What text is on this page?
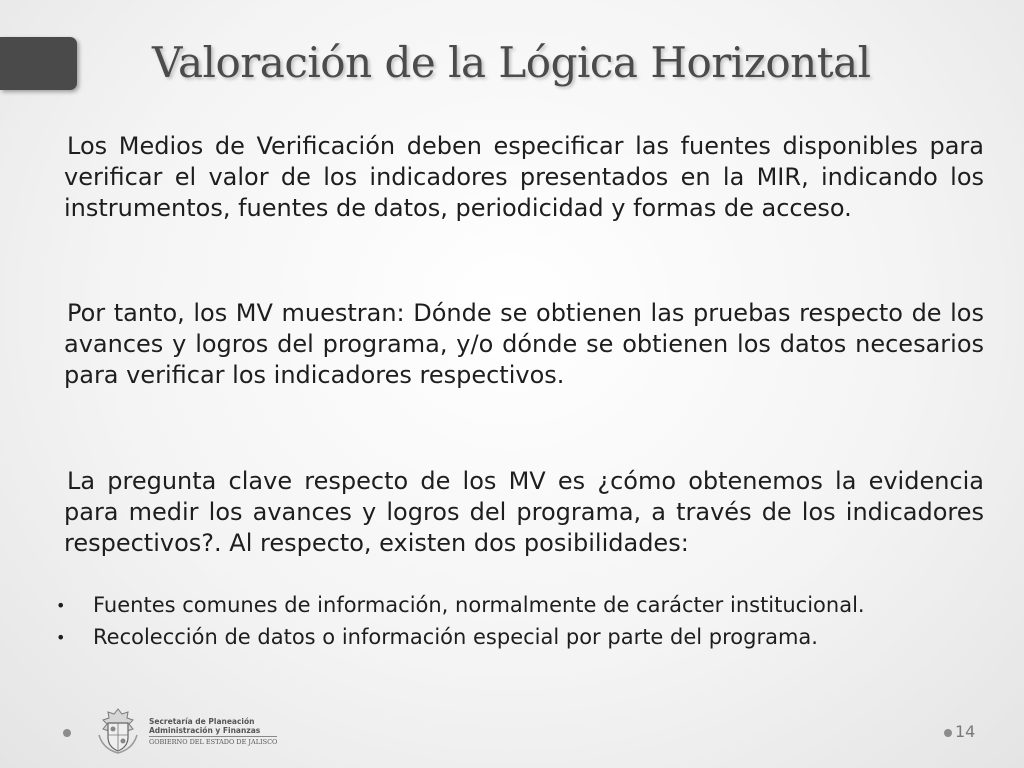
Valoración de la Lógica Horizontal

Los Medios de Verificación deben especificar las fuentes disponibles para verificar el valor de los indicadores presentados en la MIR, indicando los instrumentos, fuentes de datos, periodicidad y formas de acceso.

Por tanto, los MV muestran: Dónde se obtienen las pruebas respecto de los avances y logros del programa, y/o dónde se obtienen los datos necesarios para verificar los indicadores respectivos.

La pregunta clave respecto de los MV es ¿cómo obtenemos la evidencia para medir los avances y logros del programa, a través de los indicadores respectivos?. Al respecto, existen dos posibilidades:

• Fuentes comunes de información, normalmente de carácter institucional.
• Recolección de datos o información especial por parte del programa.
Secretaría de Planeación
Administración y Finanzas
GOBIERNO DEL ESTADO DE JALISCO
14
